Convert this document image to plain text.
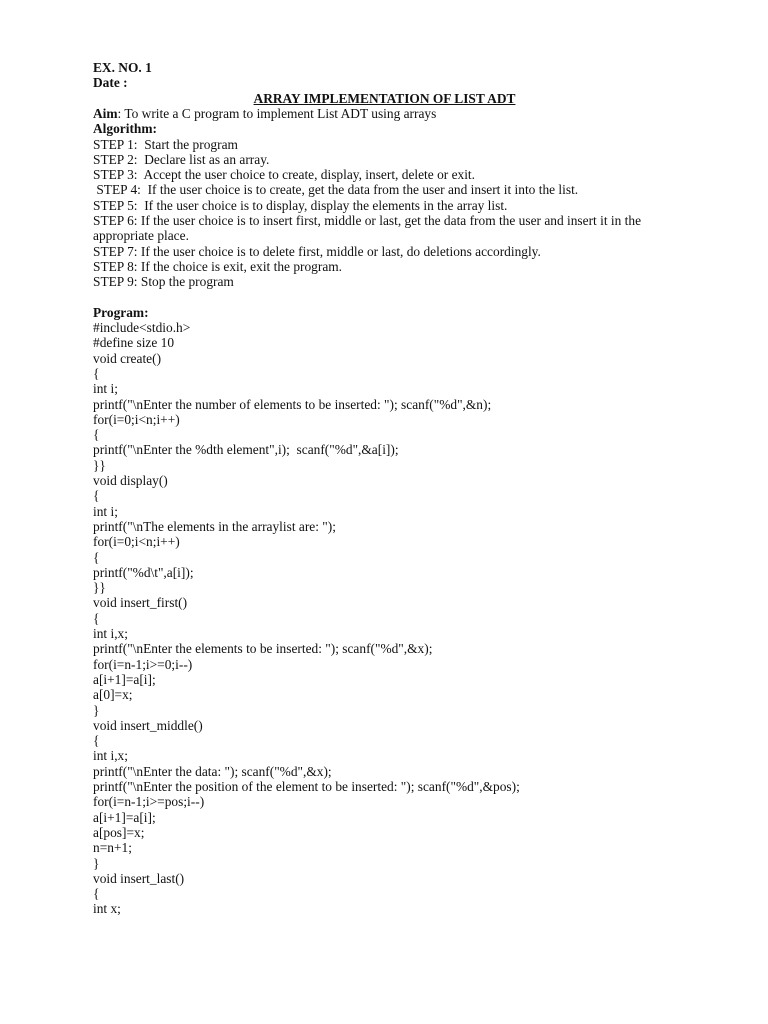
EX. NO. 1
Date :
ARRAY IMPLEMENTATION OF LIST ADT
Aim: To write a C program to implement List ADT using arrays
Algorithm:
STEP 1:  Start the program
STEP 2:  Declare list as an array.
STEP 3:  Accept the user choice to create, display, insert, delete or exit.
STEP 4:  If the user choice is to create, get the data from the user and insert it into the list.
STEP 5:  If the user choice is to display, display the elements in the array list.
STEP 6: If the user choice is to insert first, middle or last, get the data from the user and insert it in the appropriate place.
STEP 7: If the user choice is to delete first, middle or last, do deletions accordingly.
STEP 8: If the choice is exit, exit the program.
STEP 9: Stop the program
Program:
#include<stdio.h>
#define size 10
void create()
{
int i;
printf("\nEnter the number of elements to be inserted: "); scanf("%d",&n);
for(i=0;i<n;i++)
{
printf("\nEnter the %dth element",i);  scanf("%d",&a[i]);
}}
void display()
{
int i;
printf("\nThe elements in the arraylist are: ");
for(i=0;i<n;i++)
{
printf("%d\t",a[i]);
}}
void insert_first()
{
int i,x;
printf("\nEnter the elements to be inserted: "); scanf("%d",&x);
for(i=n-1;i>=0;i--)
a[i+1]=a[i];
a[0]=x;
}
void insert_middle()
{
int i,x;
printf("\nEnter the data: "); scanf("%d",&x);
printf("\nEnter the position of the element to be inserted: "); scanf("%d",&pos);
for(i=n-1;i>=pos;i--)
a[i+1]=a[i];
a[pos]=x;
n=n+1;
}
void insert_last()
{
int x;
